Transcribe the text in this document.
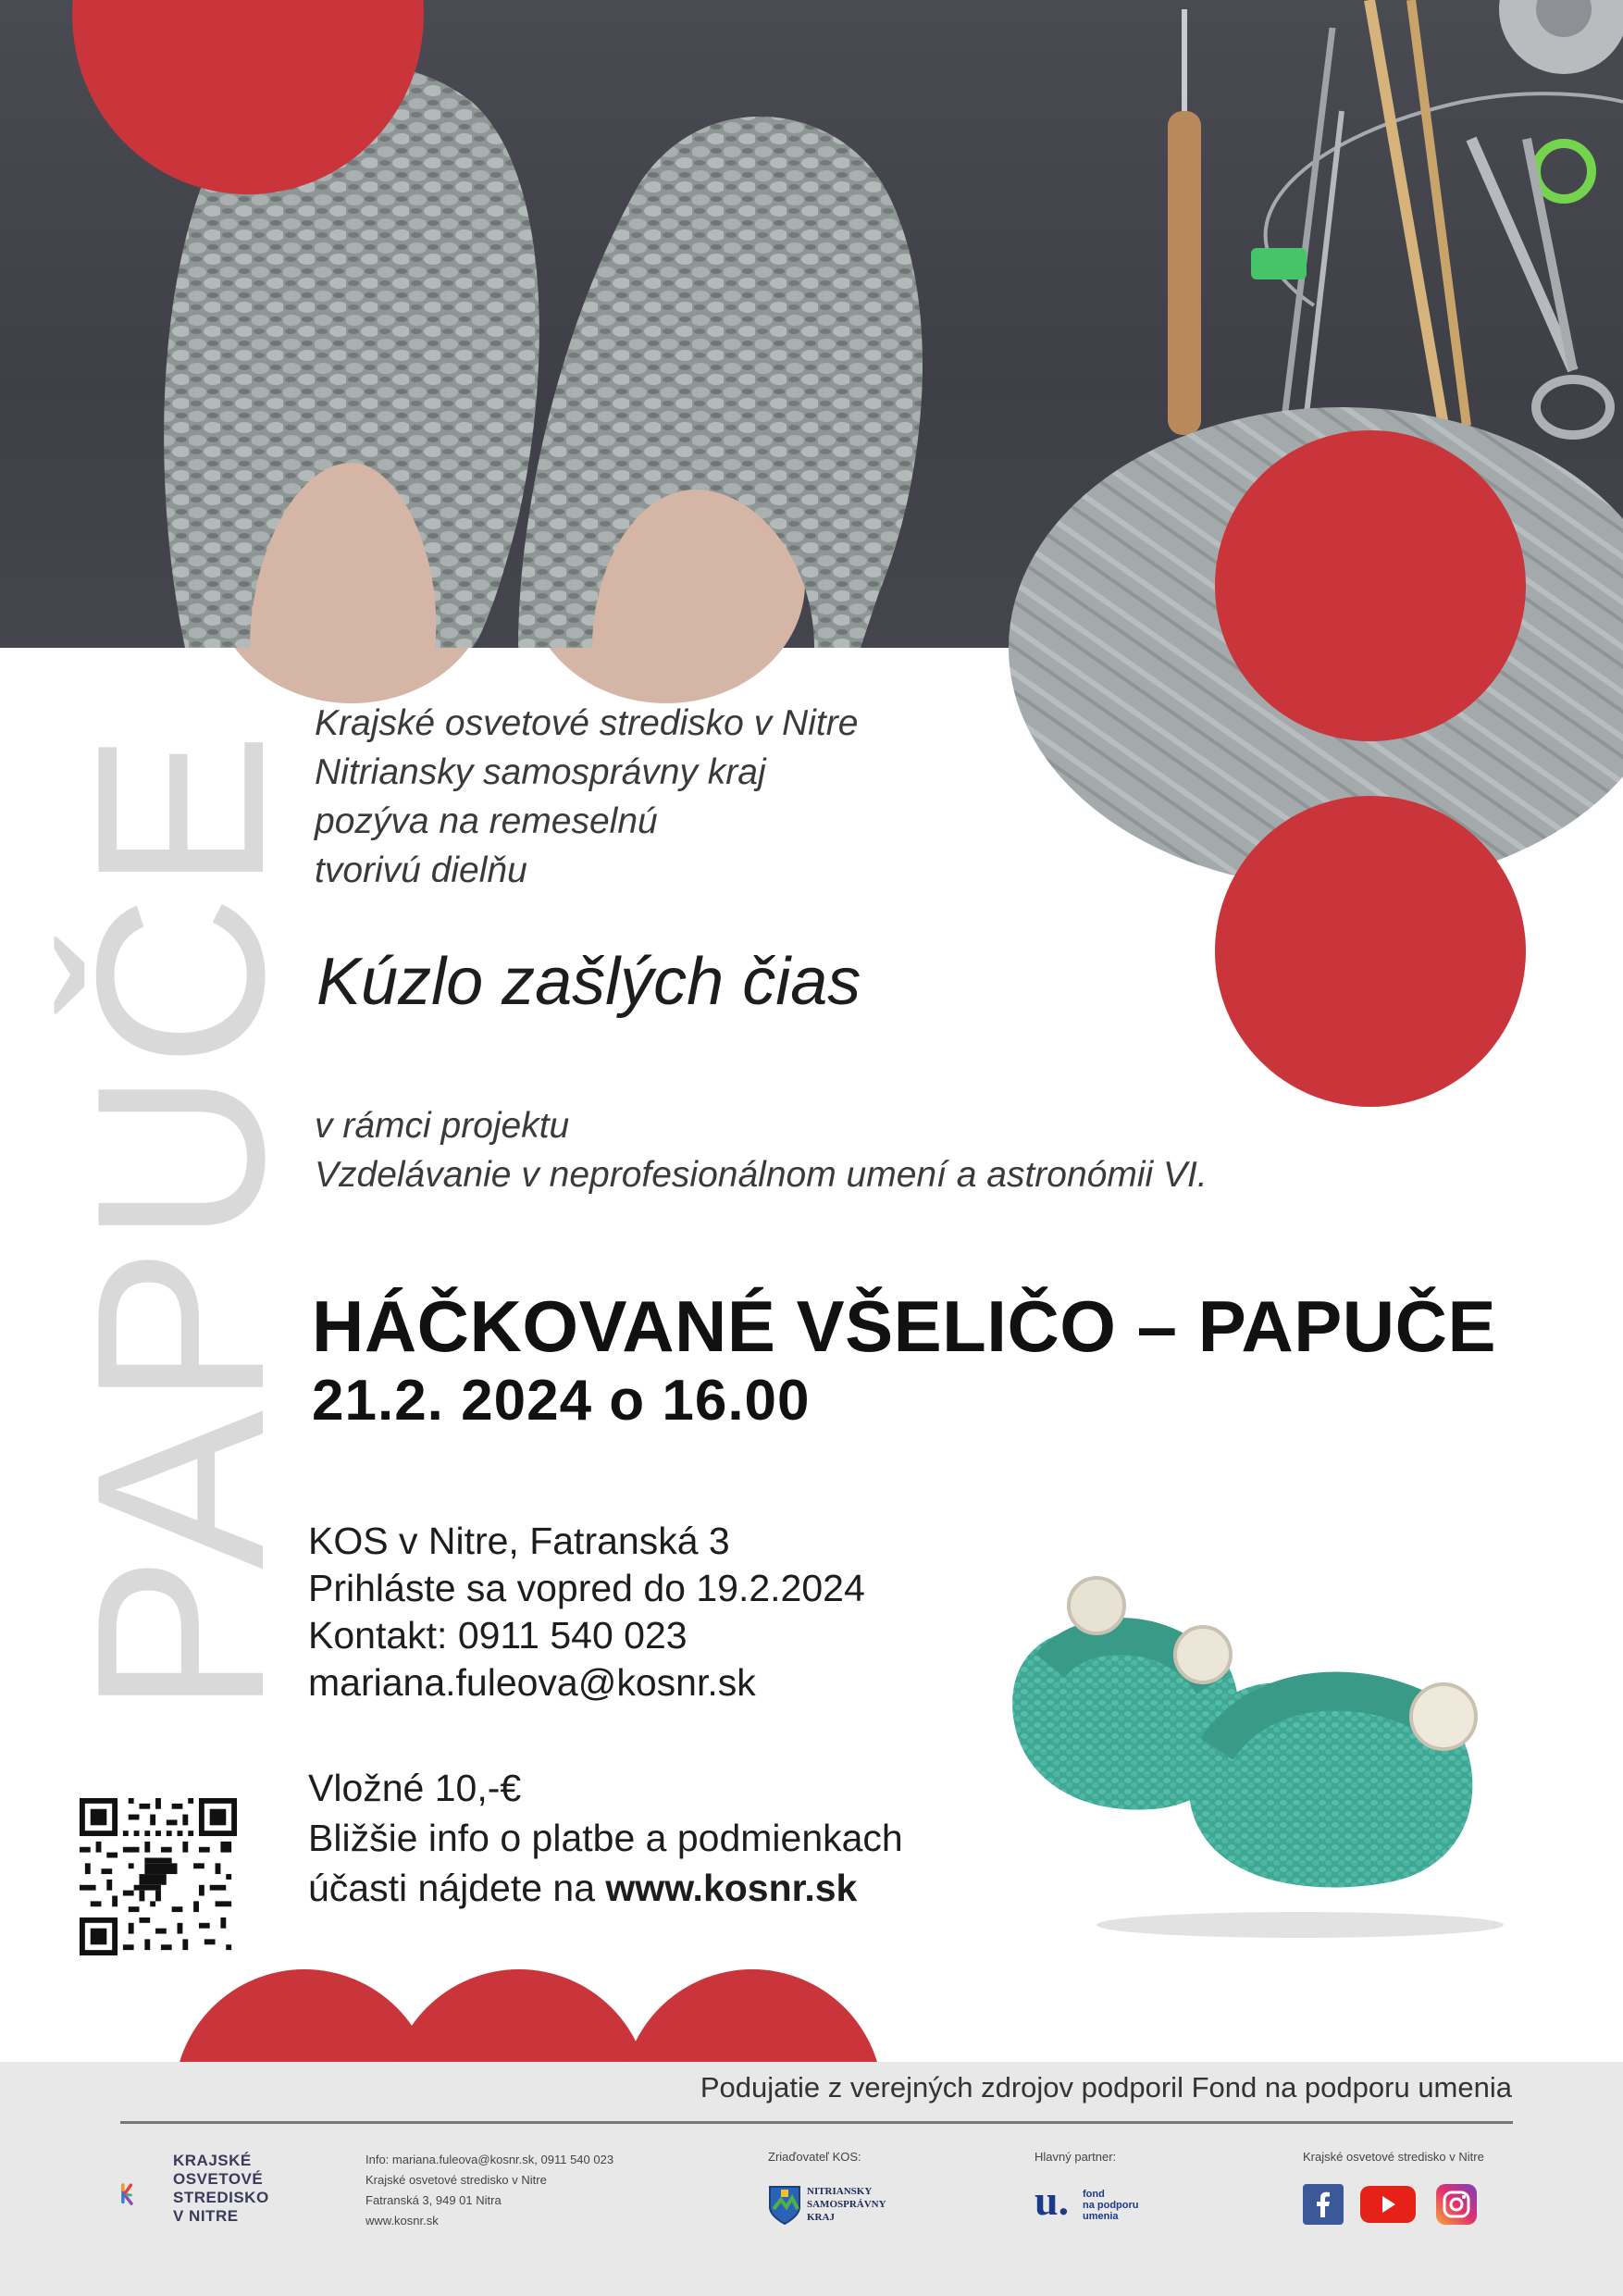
PAPUČE
Krajské osvetové stredisko v Nitre
Nitriansky samosprávny kraj
pozýva na remeselnú
tvorivú dielňu
Kúzlo zašlých čias
v rámci projektu
Vzdelávanie v neprofesionálnom umení a astronómii VI.
HÁČKOVANÉ VŠELIČO – PAPUČE
21.2. 2024 o 16.00
KOS v Nitre, Fatranská 3
Prihláste sa vopred do 19.2.2024
Kontakt: 0911 540 023
mariana.fuleova@kosnr.sk
Vložné 10,-€
Bližšie info o platbe a podmienkach
účasti nájdete na www.kosnr.sk
Podujatie z verejných zdrojov podporil Fond na podporu umenia
KRAJSKÉ
OSVETOVÉ
STREDISKO
V NITRE
Info: mariana.fuleova@kosnr.sk, 0911 540 023
Krajské osvetové stredisko v Nitre
Fatranská 3, 949 01 Nitra
www.kosnr.sk
Zriaďovateľ KOS:
NITRIANSKY
SAMOSPRÁVNY
KRAJ
Hlavný partner:
u. fond
na podporu
umenia
Krajské osvetové stredisko v Nitre
